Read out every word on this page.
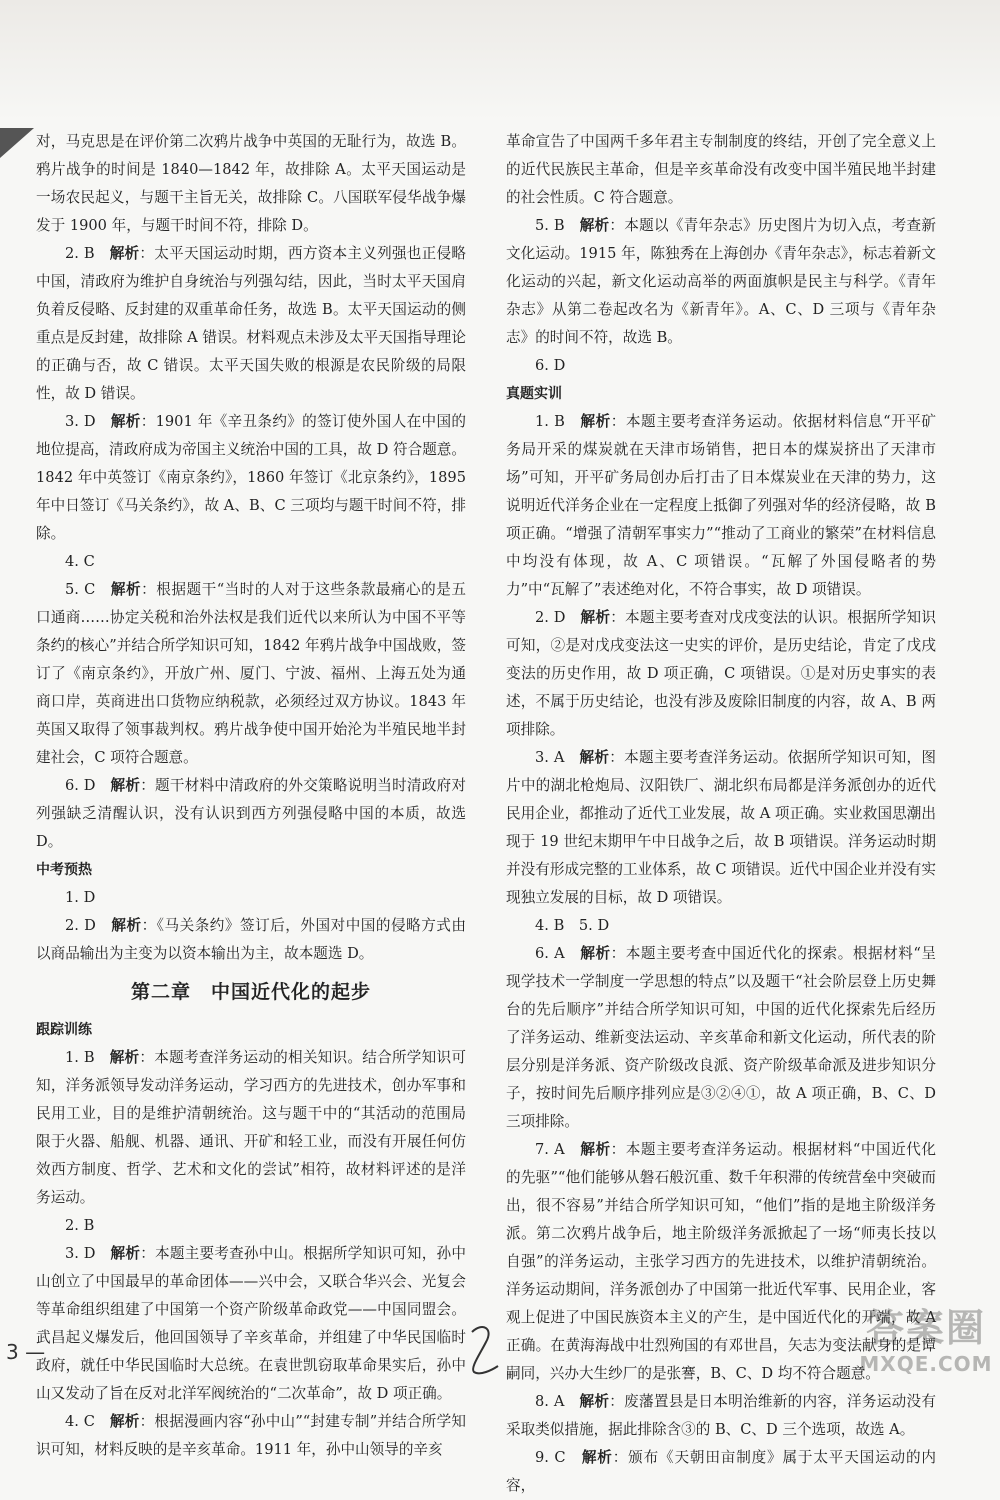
对，马克思是在评价第二次鸦片战争中英国的无耻行为，故选 B。鸦片战争的时间是 1840—1842 年，故排除 A。太平天国运动是一场农民起义，与题干主旨无关，故排除 C。八国联军侵华战争爆发于 1900 年，与题干时间不符，排除 D。

2. B　 解析：太平天国运动时期，西方资本主义列强也正侵略中国，清政府为维护自身统治与列强勾结，因此，当时太平天国肩负着反侵略、反封建的双重革命任务，故选 B。太平天国运动的侧重点是反封建，故排除 A 错误。材料观点未涉及太平天国指导理论的正确与否，故 C 错误。太平天国失败的根源是农民阶级的局限性，故 D 错误。

3. D　 解析：1901 年《辛丑条约》的签订使外国人在中国的地位提高，清政府成为帝国主义统治中国的工具，故 D 符合题意。1842 年中英签订《南京条约》，1860 年签订《北京条约》，1895 年中日签订《马关条约》，故 A、B、C 三项均与题干时间不符，排除。

4. C

5. C　 解析：根据题干“当时的人对于这些条款最痛心的是五口通商……协定关税和治外法权是我们近代以来所认为中国不平等条约的核心”并结合所学知识可知，1842 年鸦片战争中国战败，签订了《南京条约》，开放广州、厦门、宁波、福州、上海五处为通商口岸，英商进出口货物应纳税款，必须经过双方协议。1843 年英国又取得了领事裁判权。鸦片战争使中国开始沦为半殖民地半封建社会，C 项符合题意。

6. D　 解析：题干材料中清政府的外交策略说明当时清政府对列强缺乏清醒认识，没有认识到西方列强侵略中国的本质，故选 D。

中考预热

1. D

2. D　 解析：《马关条约》签订后，外国对中国的侵略方式由以商品输出为主变为以资本输出为主，故本题选 D。

第二章　中国近代化的起步

跟踪训练

1. B　 解析：本题考查洋务运动的相关知识。结合所学知识可知，洋务派领导发动洋务运动，学习西方的先进技术，创办军事和民用工业，目的是维护清朝统治。这与题干中的“其活动的范围局限于火器、船舰、机器、通讯、开矿和轻工业，而没有开展任何仿效西方制度、哲学、艺术和文化的尝试”相符，故材料评述的是洋务运动。

2. B

3. D　 解析：本题主要考查孙中山。根据所学知识可知，孙中山创立了中国最早的革命团体——兴中会，又联合华兴会、光复会等革命组织组建了中国第一个资产阶级革命政党——中国同盟会。武昌起义爆发后，他回国领导了辛亥革命，并组建了中华民国临时政府，就任中华民国临时大总统。在袁世凯窃取革命果实后，孙中山又发动了旨在反对北洋军阀统治的“二次革命”，故 D 项正确。

4. C　 解析：根据漫画内容“孙中山”“封建专制”并结合所学知识可知，材料反映的是辛亥革命。1911 年，孙中山领导的辛亥

革命宣告了中国两千多年君主专制制度的终结，开创了完全意义上的近代民族民主革命，但是辛亥革命没有改变中国半殖民地半封建的社会性质。C 符合题意。

5. B　 解析：本题以《青年杂志》历史图片为切入点，考查新文化运动。1915 年，陈独秀在上海创办《青年杂志》，标志着新文化运动的兴起，新文化运动高举的两面旗帜是民主与科学。《青年杂志》从第二卷起改名为《新青年》。A、C、D 三项与《青年杂志》的时间不符，故选 B。

6. D

真题实训

1. B　 解析：本题主要考查洋务运动。依据材料信息“开平矿务局开采的煤炭就在天津市场销售，把日本的煤炭挤出了天津市场”可知，开平矿务局创办后打击了日本煤炭业在天津的势力，这说明近代洋务企业在一定程度上抵御了列强对华的经济侵略，故 B 项正确。“增强了清朝军事实力”“推动了工商业的繁荣”在材料信息中均没有体现，故 A、C 项错误。“瓦解了外国侵略者的势力”中“瓦解了”表述绝对化，不符合事实，故 D 项错误。

2. D　 解析：本题主要考查对戊戌变法的认识。根据所学知识可知，②是对戊戌变法这一史实的评价，是历史结论，肯定了戊戌变法的历史作用，故 D 项正确，C 项错误。①是对历史事实的表述，不属于历史结论，也没有涉及废除旧制度的内容，故 A、B 两项排除。

3. A　 解析：本题主要考查洋务运动。依据所学知识可知，图片中的湖北枪炮局、汉阳铁厂、湖北织布局都是洋务派创办的近代民用企业，都推动了近代工业发展，故 A 项正确。实业救国思潮出现于 19 世纪末期甲午中日战争之后，故 B 项错误。洋务运动时期并没有形成完整的工业体系，故 C 项错误。近代中国企业并没有实现独立发展的目标，故 D 项错误。

4. B　5. D

6. A　 解析：本题主要考查中国近代化的探索。根据材料“呈现学技术一学制度一学思想的特点”以及题干“社会阶层登上历史舞台的先后顺序”并结合所学知识可知，中国的近代化探索先后经历了洋务运动、维新变法运动、辛亥革命和新文化运动，所代表的阶层分别是洋务派、资产阶级改良派、资产阶级革命派及进步知识分子，按时间先后顺序排列应是③②④①，故 A 项正确，B、C、D 三项排除。

7. A　 解析：本题主要考查洋务运动。根据材料“中国近代化的先驱”“他们能够从磐石般沉重、数千年积滞的传统营垒中突破而出，很不容易”并结合所学知识可知，“他们”指的是地主阶级洋务派。第二次鸦片战争后，地主阶级洋务派掀起了一场“师夷长技以自强”的洋务运动，主张学习西方的先进技术，以维护清朝统治。洋务运动期间，洋务派创办了中国第一批近代军事、民用企业，客观上促进了中国民族资本主义的产生，是中国近代化的开端，故 A 正确。在黄海海战中壮烈殉国的有邓世昌，矢志为变法献身的是谭嗣同，兴办大生纱厂的是张謇，B、C、D 均不符合题意。

8. A　 解析：废藩置县是日本明治维新的内容，洋务运动没有采取类似措施，据此排除含③的 B、C、D 三个选项，故选 A。

9. C　 解析：颁布《天朝田亩制度》属于太平天国运动的内容，

3 —
答案圈
MXQE.COM
